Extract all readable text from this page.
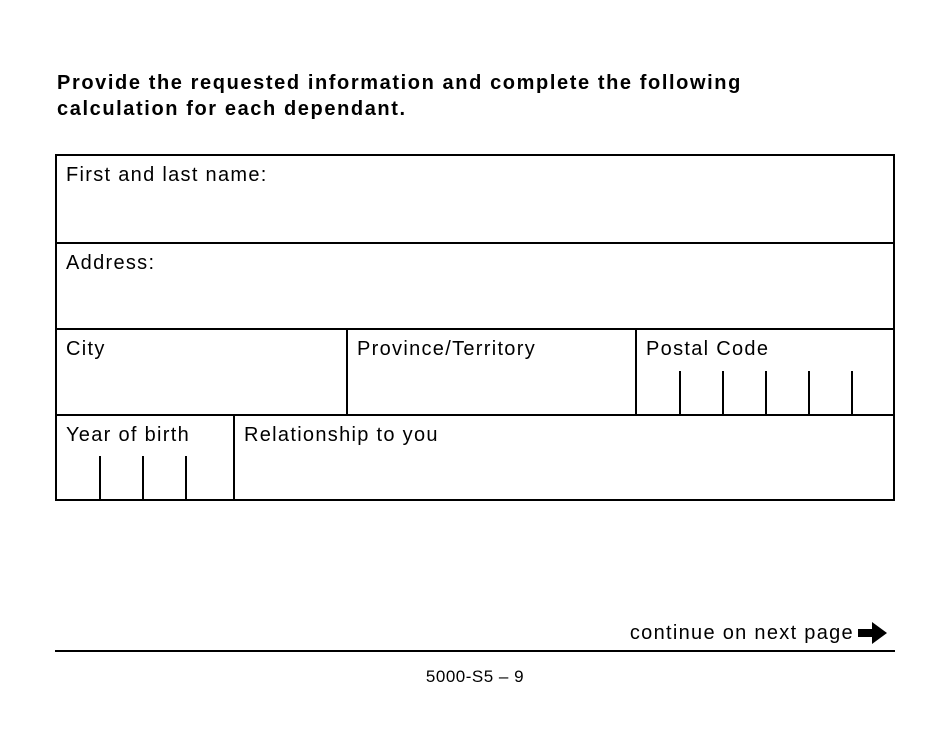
Provide the requested information and complete the following calculation for each dependant.
First and last name:
Address:
City	Province/Territory	Postal Code
Year of birth	Relationship to you
continue on next page
5000-S5 – 9
